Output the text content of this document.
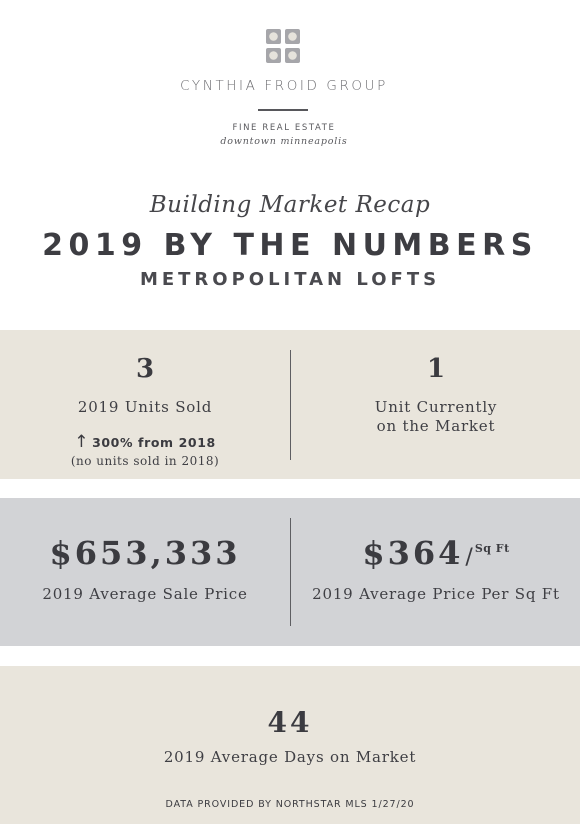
CYNTHIA FROID GROUP
FINE REAL ESTATE
downtown minneapolis
Building Market Recap
2019 BY THE NUMBERS
METROPOLITAN LOFTS
3
2019 Units Sold
↑ 300% from 2018
(no units sold in 2018)
1
Unit Currently
on the Market
$653,333
2019 Average Sale Price
$364/ $^{Sq Ft}$
2019 Average Price Per Sq Ft
44
2019 Average Days on Market
DATA PROVIDED BY NORTHSTAR MLS 1/27/20
